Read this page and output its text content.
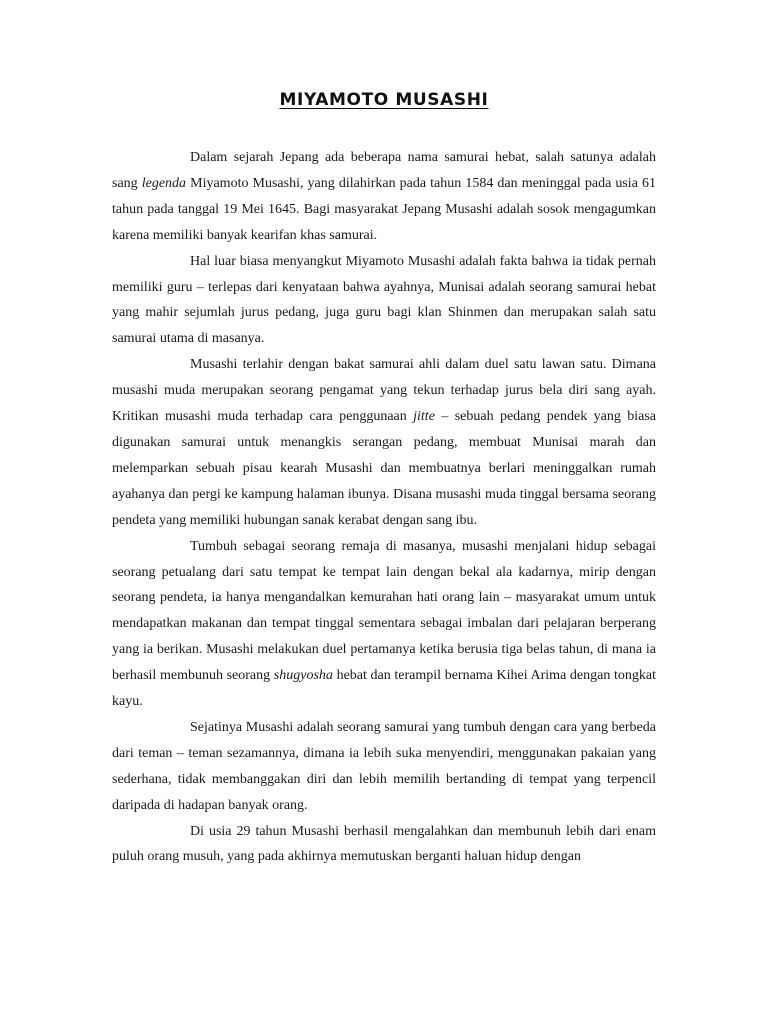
MIYAMOTO MUSASHI

Dalam sejarah Jepang ada beberapa nama samurai hebat, salah satunya adalah sang legenda Miyamoto Musashi, yang dilahirkan pada tahun 1584 dan meninggal pada usia 61 tahun pada tanggal 19 Mei 1645. Bagi masyarakat Jepang Musashi adalah sosok mengagumkan karena memiliki banyak kearifan khas samurai.

Hal luar biasa menyangkut Miyamoto Musashi adalah fakta bahwa ia tidak pernah memiliki guru – terlepas dari kenyataan bahwa ayahnya, Munisai adalah seorang samurai hebat yang mahir sejumlah jurus pedang, juga guru bagi klan Shinmen dan merupakan salah satu samurai utama di masanya.

Musashi terlahir dengan bakat samurai ahli dalam duel satu lawan satu. Dimana musashi muda merupakan seorang pengamat yang tekun terhadap jurus bela diri sang ayah. Kritikan musashi muda terhadap cara penggunaan jitte – sebuah pedang pendek yang biasa digunakan samurai untuk menangkis serangan pedang, membuat Munisai marah dan melemparkan sebuah pisau kearah Musashi dan membuatnya berlari meninggalkan rumah ayahanya dan pergi ke kampung halaman ibunya. Disana musashi muda tinggal bersama seorang pendeta yang memiliki hubungan sanak kerabat dengan sang ibu.

Tumbuh sebagai seorang remaja di masanya, musashi menjalani hidup sebagai seorang petualang dari satu tempat ke tempat lain dengan bekal ala kadarnya, mirip dengan seorang pendeta, ia hanya mengandalkan kemurahan hati orang lain – masyarakat umum untuk mendapatkan makanan dan tempat tinggal sementara sebagai imbalan dari pelajaran berperang yang ia berikan. Musashi melakukan duel pertamanya ketika berusia tiga belas tahun, di mana ia berhasil membunuh seorang shugyosha hebat dan terampil bernama Kihei Arima dengan tongkat kayu.

Sejatinya Musashi adalah seorang samurai yang tumbuh dengan cara yang berbeda dari teman – teman sezamannya, dimana ia lebih suka menyendiri, menggunakan pakaian yang sederhana, tidak membanggakan diri dan lebih memilih bertanding di tempat yang terpencil daripada di hadapan banyak orang.

Di usia 29 tahun Musashi berhasil mengalahkan dan membunuh lebih dari enam puluh orang musuh, yang pada akhirnya memutuskan berganti haluan hidup dengan
